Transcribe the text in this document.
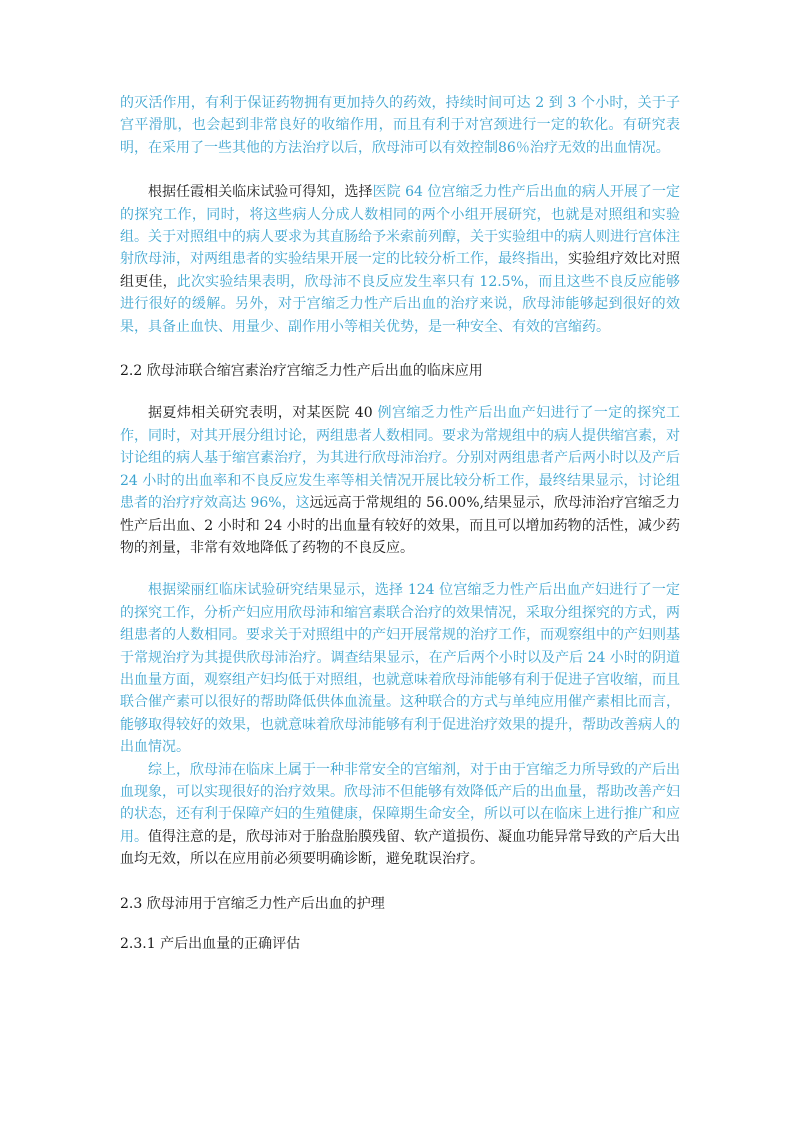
的灭活作用，有利于保证药物拥有更加持久的药效，持续时间可达 2 到 3 个小时，关于子宫平滑肌，也会起到非常良好的收缩作用，而且有利于对宫颈进行一定的软化。有研究表明，在采用了一些其他的方法治疗以后，欣母沛可以有效控制86％治疗无效的出血情况。

根据任霞相关临床试验可得知，选择医院 64 位宫缩乏力性产后出血的病人开展了一定的探究工作，同时，将这些病人分成人数相同的两个小组开展研究，也就是对照组和实验组。关于对照组中的病人要求为其直肠给予米索前列醇，关于实验组中的病人则进行宫体注射欣母沛，对两组患者的实验结果开展一定的比较分析工作，最终指出，实验组疗效比对照组更佳，此次实验结果表明，欣母沛不良反应发生率只有 12.5%，而且这些不良反应能够进行很好的缓解。另外，对于宫缩乏力性产后出血的治疗来说，欣母沛能够起到很好的效果，具备止血快、用量少、副作用小等相关优势，是一种安全、有效的宫缩药。

2.2 欣母沛联合缩宫素治疗宫缩乏力性产后出血的临床应用

据夏炜相关研究表明，对某医院 40 例宫缩乏力性产后出血产妇进行了一定的探究工作，同时，对其开展分组讨论，两组患者人数相同。要求为常规组中的病人提供缩宫素，对讨论组的病人基于缩宫素治疗，为其进行欣母沛治疗。分别对两组患者产后两小时以及产后 24 小时的出血率和不良反应发生率等相关情况开展比较分析工作，最终结果显示，讨论组患者的治疗疗效高达 96%，这远远高于常规组的 56.00%,结果显示，欣母沛治疗宫缩乏力性产后出血、2 小时和 24 小时的出血量有较好的效果，而且可以增加药物的活性，减少药物的剂量，非常有效地降低了药物的不良反应。

根据梁丽红临床试验研究结果显示，选择 124 位宫缩乏力性产后出血产妇进行了一定的探究工作，分析产妇应用欣母沛和缩宫素联合治疗的效果情况，采取分组探究的方式，两组患者的人数相同。要求关于对照组中的产妇开展常规的治疗工作，而观察组中的产妇则基于常规治疗为其提供欣母沛治疗。调查结果显示，在产后两个小时以及产后 24 小时的阴道出血量方面，观察组产妇均低于对照组，也就意味着欣母沛能够有利于促进子宫收缩，而且联合催产素可以很好的帮助降低供体血流量。这种联合的方式与单纯应用催产素相比而言，能够取得较好的效果，也就意味着欣母沛能够有利于促进治疗效果的提升，帮助改善病人的出血情况。

综上，欣母沛在临床上属于一种非常安全的宫缩剂，对于由于宫缩乏力所导致的产后出血现象，可以实现很好的治疗效果。欣母沛不但能够有效降低产后的出血量，帮助改善产妇的状态，还有利于保障产妇的生殖健康，保障期生命安全，所以可以在临床上进行推广和应用。值得注意的是，欣母沛对于胎盘胎膜残留、软产道损伤、凝血功能异常导致的产后大出血均无效，所以在应用前必须要明确诊断，避免耽误治疗。

2.3 欣母沛用于宫缩乏力性产后出血的护理

2.3.1 产后出血量的正确评估
